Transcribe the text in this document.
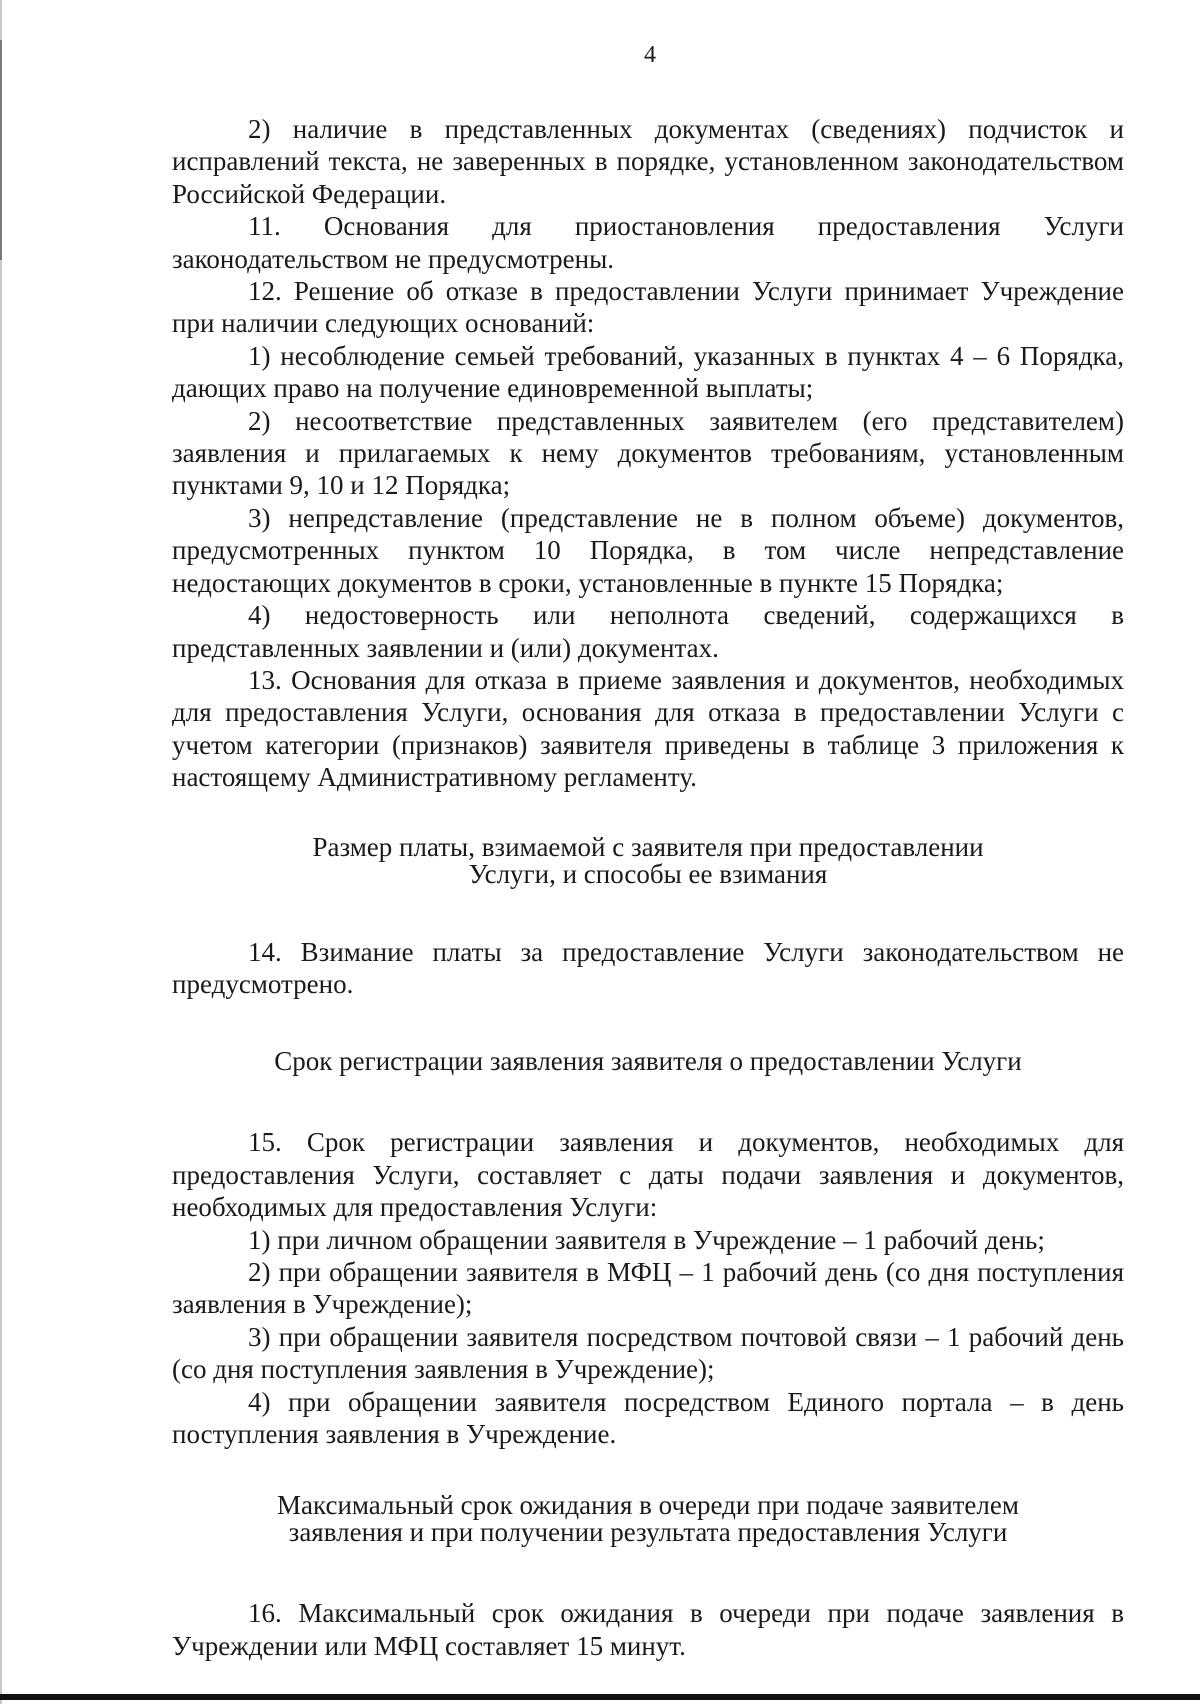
4

2) наличие в представленных документах (сведениях) подчисток и исправлений текста, не заверенных в порядке, установленном законодательством Российской Федерации.

11. Основания для приостановления предоставления Услуги законодательством не предусмотрены.

12. Решение об отказе в предоставлении Услуги принимает Учреждение при наличии следующих оснований:

1) несоблюдение семьей требований, указанных в пунктах 4 – 6 Порядка, дающих право на получение единовременной выплаты;

2) несоответствие представленных заявителем (его представителем) заявления и прилагаемых к нему документов требованиям, установленным пунктами 9, 10 и 12 Порядка;

3) непредставление (представление не в полном объеме) документов, предусмотренных пунктом 10 Порядка, в том числе непредставление недостающих документов в сроки, установленные в пункте 15 Порядка;

4) недостоверность или неполнота сведений, содержащихся в представленных заявлении и (или) документах.

13. Основания для отказа в приеме заявления и документов, необходимых для предоставления Услуги, основания для отказа в предоставлении Услуги с учетом категории (признаков) заявителя приведены в таблице 3 приложения к настоящему Административному регламенту.

Размер платы, взимаемой с заявителя при предоставлении
Услуги, и способы ее взимания

14. Взимание платы за предоставление Услуги законодательством не предусмотрено.

Срок регистрации заявления заявителя о предоставлении Услуги

15. Срок регистрации заявления и документов, необходимых для предоставления Услуги, составляет с даты подачи заявления и документов, необходимых для предоставления Услуги:

1) при личном обращении заявителя в Учреждение – 1 рабочий день;

2) при обращении заявителя в МФЦ – 1 рабочий день (со дня поступления заявления в Учреждение);

3) при обращении заявителя посредством почтовой связи – 1 рабочий день (со дня поступления заявления в Учреждение);

4) при обращении заявителя посредством Единого портала – в день поступления заявления в Учреждение.

Максимальный срок ожидания в очереди при подаче заявителем
заявления и при получении результата предоставления Услуги

16. Максимальный срок ожидания в очереди при подаче заявления в Учреждении или МФЦ составляет 15 минут.
